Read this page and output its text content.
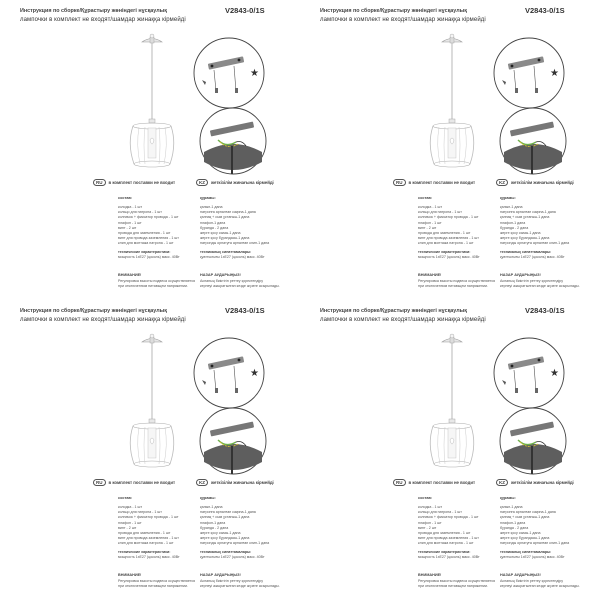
Инструкция по сборке/Құрастыру жөніндегі нұсқаулық	V2843-0/1S
лампочки в комплект не входят/шамдар жинаққа кірмейді
★
RU в комплект поставки не входит	KZ жеткізілім жинағына кірмейді
состав:
колодка - 1 шт
кольцо для патрона - 1 шт
колпачок + фиксатор провода - 1 шт
плафон - 1 шт
винт - 2 шт
провода для заземления - 1 шт
винт для провода заземления - 1 шт
клип для монтажа патрона - 1 шт
технические характеристики:
мощность 1xE27 (цоколь) макс. 40Вт
ВНИМАНИЕ!
Регулировка высоты подвеса осуществляется
при отключенном питающем напряжении.
құрамы:
қалып-1 дана
патронға арналған сақина-1 дана
қалпақ + сым ұстағыш-1 дана
плафон-1 дана
бұранда - 2 дана
жерге қосу сымы-1 дана
жерге қосу бұрандасы-1 дана
патронды орнатуға арналған клип-1 дана
техникалық сипаттамалары:
қуаттылығы 1xE27 (цоколь) макс. 40Вт
НАЗАР АУДАРЫҢЫЗ!
Аспаның биіктігін реттеу қоректендіру
кернеуі ажыратылған кезде жүзеге асырылады.
Инструкция по сборке/Құрастыру жөніндегі нұсқаулық	V2843-0/1S
лампочки в комплект не входят/шамдар жинаққа кірмейді
★
RU в комплект поставки не входит	KZ жеткізілім жинағына кірмейді
состав:
колодка - 1 шт
кольцо для патрона - 1 шт
колпачок + фиксатор провода - 1 шт
плафон - 1 шт
винт - 2 шт
провода для заземления - 1 шт
винт для провода заземления - 1 шт
клип для монтажа патрона - 1 шт
технические характеристики:
мощность 1xE27 (цоколь) макс. 40Вт
ВНИМАНИЕ!
Регулировка высоты подвеса осуществляется
при отключенном питающем напряжении.
құрамы:
қалып-1 дана
патронға арналған сақина-1 дана
қалпақ + сым ұстағыш-1 дана
плафон-1 дана
бұранда - 2 дана
жерге қосу сымы-1 дана
жерге қосу бұрандасы-1 дана
патронды орнатуға арналған клип-1 дана
техникалық сипаттамалары:
қуаттылығы 1xE27 (цоколь) макс. 40Вт
НАЗАР АУДАРЫҢЫЗ!
Аспаның биіктігін реттеу қоректендіру
кернеуі ажыратылған кезде жүзеге асырылады.
Инструкция по сборке/Құрастыру жөніндегі нұсқаулық	V2843-0/1S
лампочки в комплект не входят/шамдар жинаққа кірмейді
★
RU в комплект поставки не входит	KZ жеткізілім жинағына кірмейді
состав:
колодка - 1 шт
кольцо для патрона - 1 шт
колпачок + фиксатор провода - 1 шт
плафон - 1 шт
винт - 2 шт
провода для заземления - 1 шт
винт для провода заземления - 1 шт
клип для монтажа патрона - 1 шт
технические характеристики:
мощность 1xE27 (цоколь) макс. 40Вт
ВНИМАНИЕ!
Регулировка высоты подвеса осуществляется
при отключенном питающем напряжении.
құрамы:
қалып-1 дана
патронға арналған сақина-1 дана
қалпақ + сым ұстағыш-1 дана
плафон-1 дана
бұранда - 2 дана
жерге қосу сымы-1 дана
жерге қосу бұрандасы-1 дана
патронды орнатуға арналған клип-1 дана
техникалық сипаттамалары:
қуаттылығы 1xE27 (цоколь) макс. 40Вт
НАЗАР АУДАРЫҢЫЗ!
Аспаның биіктігін реттеу қоректендіру
кернеуі ажыратылған кезде жүзеге асырылады.
Инструкция по сборке/Құрастыру жөніндегі нұсқаулық	V2843-0/1S
лампочки в комплект не входят/шамдар жинаққа кірмейді
★
RU в комплект поставки не входит	KZ жеткізілім жинағына кірмейді
состав:
колодка - 1 шт
кольцо для патрона - 1 шт
колпачок + фиксатор провода - 1 шт
плафон - 1 шт
винт - 2 шт
провода для заземления - 1 шт
винт для провода заземления - 1 шт
клип для монтажа патрона - 1 шт
технические характеристики:
мощность 1xE27 (цоколь) макс. 40Вт
ВНИМАНИЕ!
Регулировка высоты подвеса осуществляется
при отключенном питающем напряжении.
құрамы:
қалып-1 дана
патронға арналған сақина-1 дана
қалпақ + сым ұстағыш-1 дана
плафон-1 дана
бұранда - 2 дана
жерге қосу сымы-1 дана
жерге қосу бұрандасы-1 дана
патронды орнатуға арналған клип-1 дана
техникалық сипаттамалары:
қуаттылығы 1xE27 (цоколь) макс. 40Вт
НАЗАР АУДАРЫҢЫЗ!
Аспаның биіктігін реттеу қоректендіру
кернеуі ажыратылған кезде жүзеге асырылады.
